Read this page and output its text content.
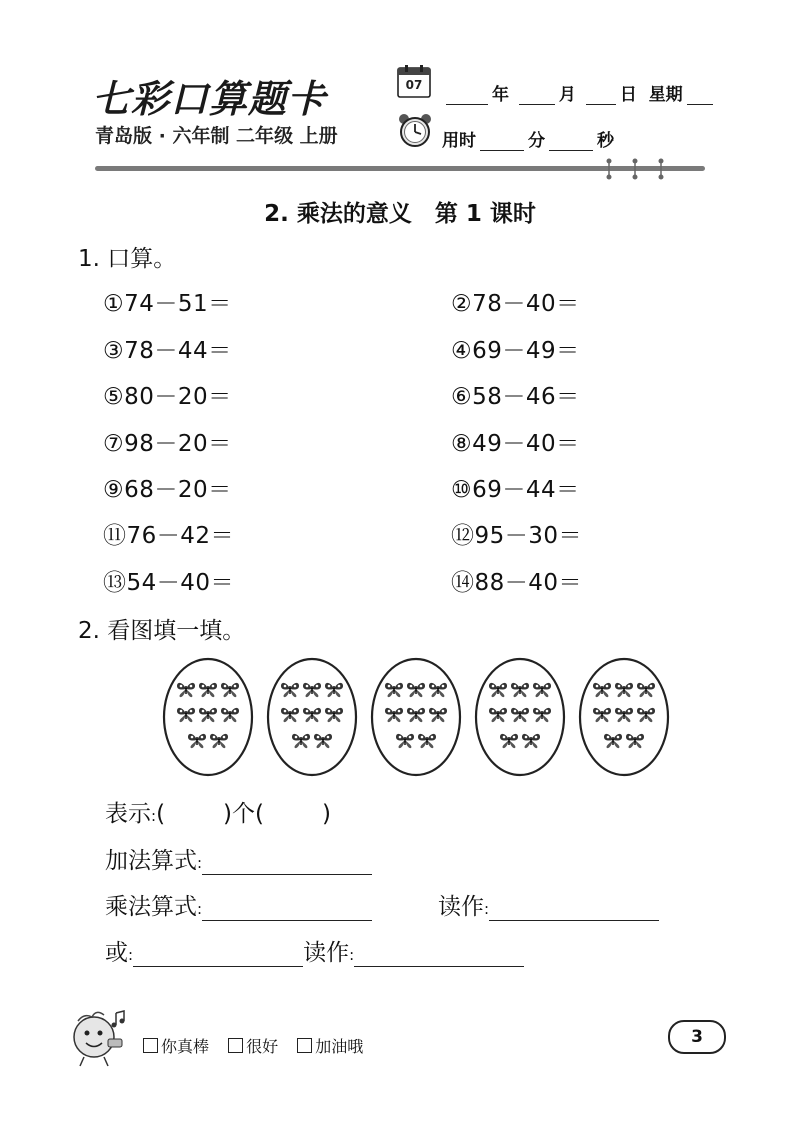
七彩口算题卡
青岛版 · 六年制 二年级 上册
07	年	月	日 星期
用时	分	秒
2. 乘法的意义　第 1 课时
1. 口算。
①74－51＝	②78－40＝
③78－44＝	④69－49＝
⑤80－20＝	⑥58－46＝
⑦98－20＝	⑧49－40＝
⑨68－20＝	⑩69－44＝
⑪76－42＝	⑫95－30＝
⑬54－40＝	⑭88－40＝
2. 看图填一填。
表示:(	)个(	)
加法算式:
乘法算式:	读作:
或:	读作:
你真棒 很好 加油哦	3
